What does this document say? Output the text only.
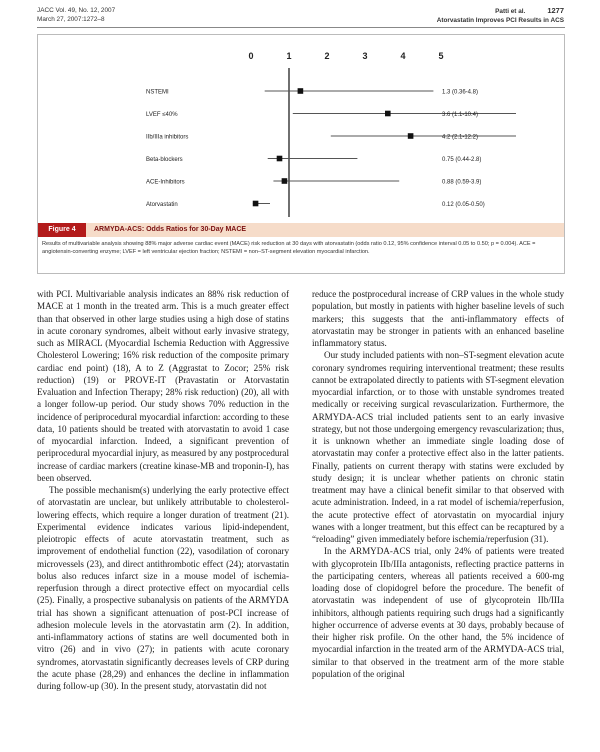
JACC Vol. 49, No. 12, 2007
March 27, 2007:1272–8
Patti et al.	1277
Atorvastatin Improves PCI Results in ACS
0	1	2	3	4	5
NSTEMI	1.3 (0.36-4.8)
LVEF ≤40%	3.6 (1.1-10.4)
IIb/IIIa inhibitors	4.2 (2.1-12.2)
Beta-blockers	0.75 (0.44-2.8)
ACE-Inhibitors	0.88 (0.59-3.9)
Atorvastatin	0.12 (0.05-0.50)
Figure 4	ARMYDA-ACS: Odds Ratios for 30-Day MACE
Results of multivariable analysis showing 88% major adverse cardiac event (MACE) risk reduction at 30 days with atorvastatin (odds ratio 0.12, 95% confidence interval 0.05 to 0.50; p = 0.004). ACE = angiotensin-converting enzyme; LVEF = left ventricular ejection fraction; NSTEMI = non–ST-segment elevation myocardial infarction.

with PCI. Multivariable analysis indicates an 88% risk reduction of MACE at 1 month in the treated arm. This is a much greater effect than that observed in other large studies using a high dose of statins in acute coronary syndromes, albeit without early invasive strategy, such as MIRACL (Myocardial Ischemia Reduction with Aggressive Cholesterol Lowering; 16% risk reduction of the composite primary cardiac end point) (18), A to Z (Aggrastat to Zocor; 25% risk reduction) (19) or PROVE-IT (Pravastatin or Atorvastatin Evaluation and Infection Therapy; 28% risk reduction) (20), all with a longer follow-up period. Our study shows 70% reduction in the incidence of periprocedural myocardial infarction: according to these data, 10 patients should be treated with atorvastatin to avoid 1 case of myocardial infarction. Indeed, a significant prevention of periprocedural myocardial injury, as measured by any postprocedural increase of cardiac markers (creatine kinase-MB and troponin-I), has been observed.

The possible mechanism(s) underlying the early protective effect of atorvastatin are unclear, but unlikely attributable to cholesterol-lowering effects, which require a longer duration of treatment (21). Experimental evidence indicates various lipid-independent, pleiotropic effects of acute atorvastatin treatment, such as improvement of endothelial function (22), vasodilation of coronary microvessels (23), and direct antithrombotic effect (24); atorvastatin bolus also reduces infarct size in a mouse model of ischemia-reperfusion through a direct protective effect on myocardial cells (25). Finally, a prospective subanalysis on patients of the ARMYDA trial has shown a significant attenuation of post-PCI increase of adhesion molecule levels in the atorvastatin arm (2). In addition, anti-inflammatory actions of statins are well documented both in vitro (26) and in vivo (27); in patients with acute coronary syndromes, atorvastatin significantly decreases levels of CRP during the acute phase (28,29) and enhances the decline in inflammation during follow-up (30). In the present study, atorvastatin did not

reduce the postprocedural increase of CRP values in the whole study population, but mostly in patients with higher baseline levels of such markers; this suggests that the anti-inflammatory effects of atorvastatin may be stronger in patients with an enhanced baseline inflammatory status.

Our study included patients with non–ST-segment elevation acute coronary syndromes requiring interventional treatment; these results cannot be extrapolated directly to patients with ST-segment elevation myocardial infarction, or to those with unstable syndromes treated medically or receiving surgical revascularization. Furthermore, the ARMYDA-ACS trial included patients sent to an early invasive strategy, but not those undergoing emergency revascularization; thus, it is unknown whether an immediate single loading dose of atorvastatin may confer a protective effect also in the latter patients. Finally, patients on current therapy with statins were excluded by study design; it is unclear whether patients on chronic statin treatment may have a clinical benefit similar to that observed with acute administration. Indeed, in a rat model of ischemia/reperfusion, the acute protective effect of atorvastatin on myocardial injury wanes with a longer treatment, but this effect can be recaptured by a “reloading” given immediately before ischemia/reperfusion (31).

In the ARMYDA-ACS trial, only 24% of patients were treated with glycoprotein IIb/IIIa antagonists, reflecting practice patterns in the participating centers, whereas all patients received a 600-mg loading dose of clopidogrel before the procedure. The benefit of atorvastatin was independent of use of glycoprotein IIb/IIIa inhibitors, although patients requiring such drugs had a significantly higher occurrence of adverse events at 30 days, probably because of their higher risk profile. On the other hand, the 5% incidence of myocardial infarction in the treated arm of the ARMYDA-ACS trial, similar to that observed in the treatment arm of the more stable population of the original
